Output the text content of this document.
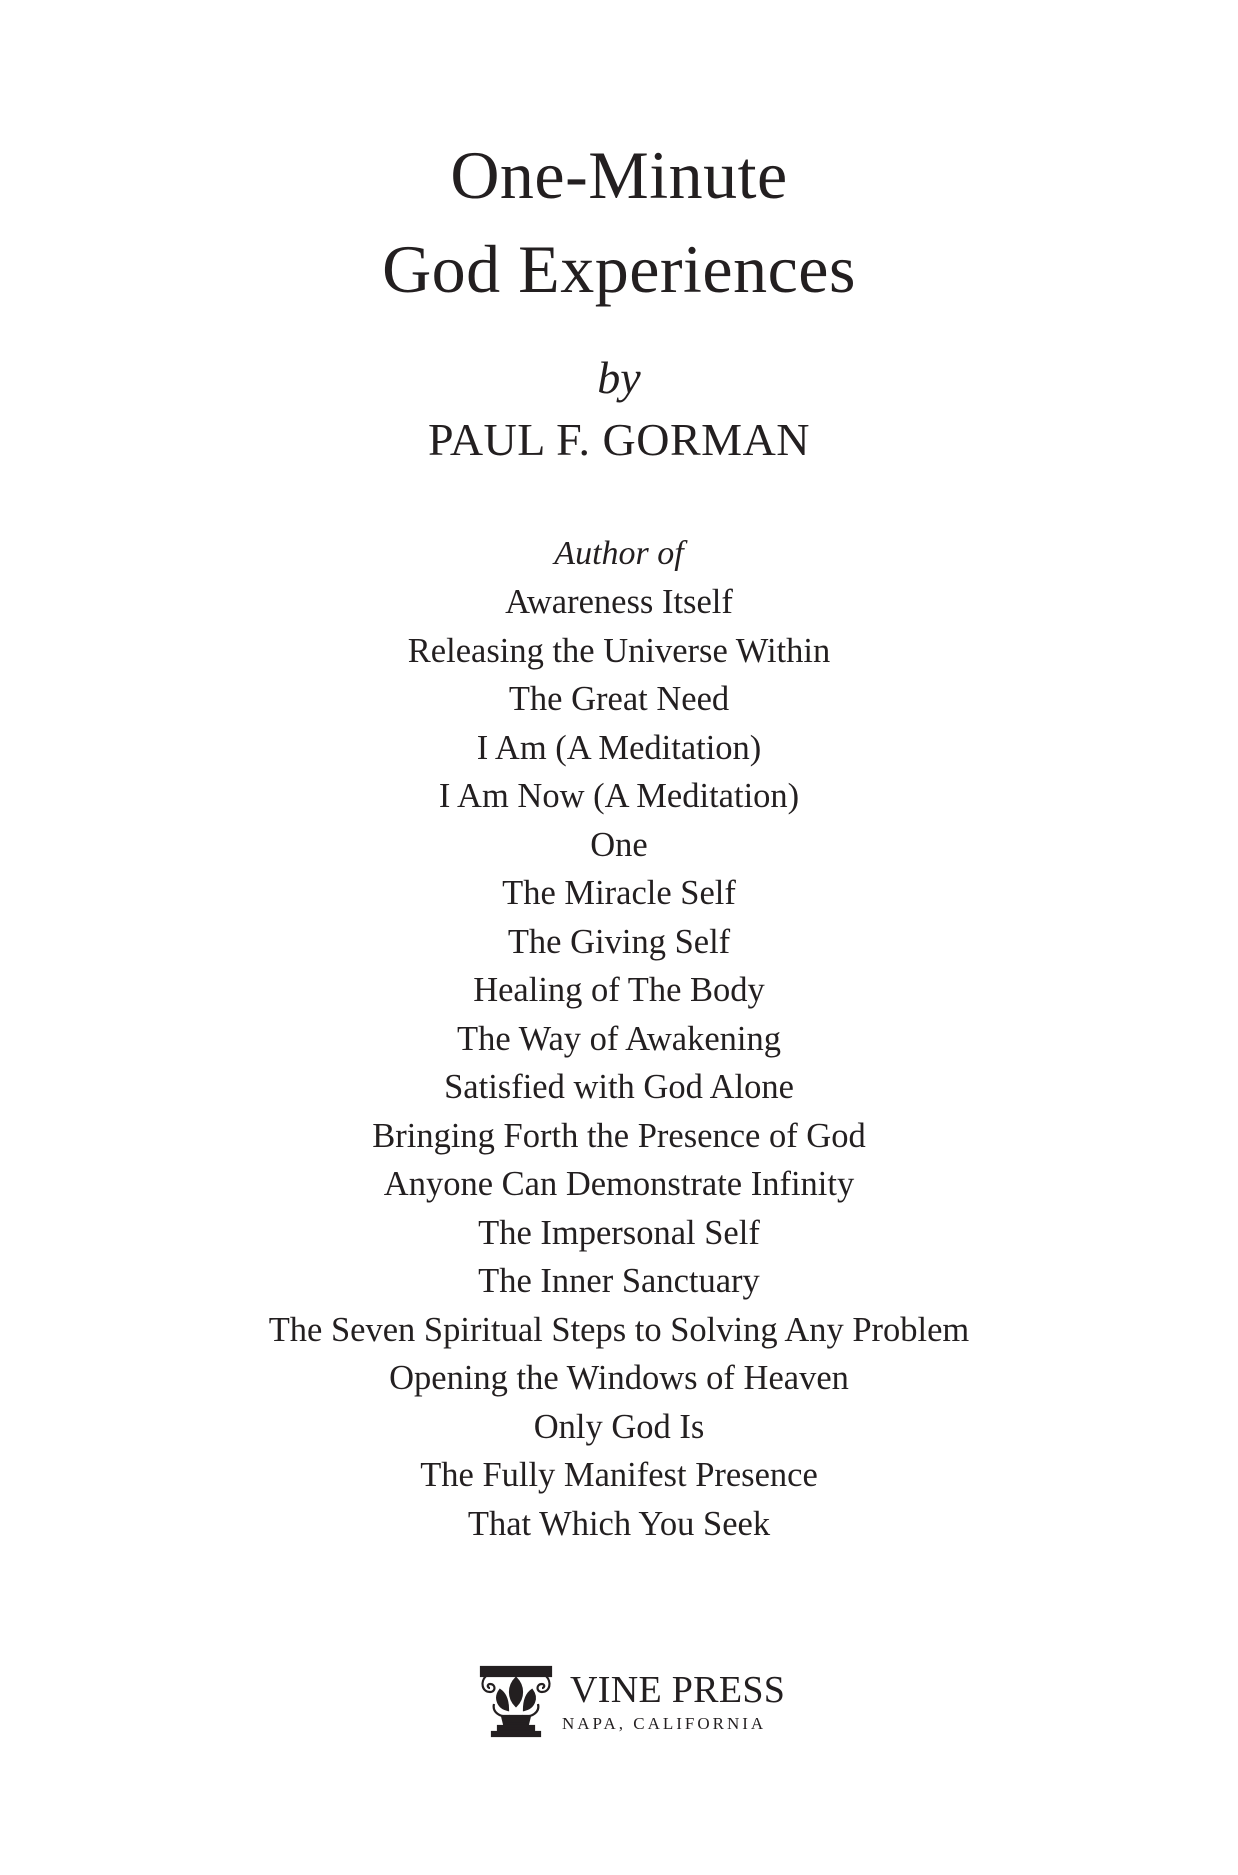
One-Minute
God Experiences
by
PAUL F. GORMAN
Author of
Awareness Itself
Releasing the Universe Within
The Great Need
I Am (A Meditation)
I Am Now (A Meditation)
One
The Miracle Self
The Giving Self
Healing of The Body
The Way of Awakening
Satisfied with God Alone
Bringing Forth the Presence of God
Anyone Can Demonstrate Infinity
The Impersonal Self
The Inner Sanctuary
The Seven Spiritual Steps to Solving Any Problem
Opening the Windows of Heaven
Only God Is
The Fully Manifest Presence
That Which You Seek
VINE PRESS
NAPA, CALIFORNIA
